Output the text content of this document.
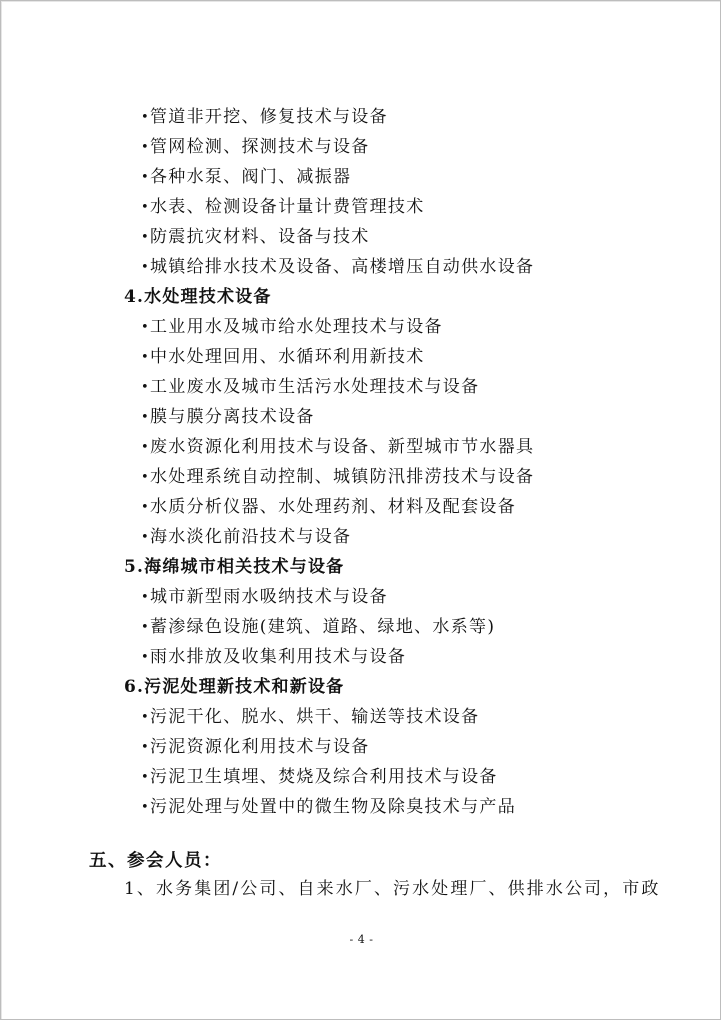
•管道非开挖、修复技术与设备
•管网检测、探测技术与设备
•各种水泵、阀门、减振器
•水表、检测设备计量计费管理技术
•防震抗灾材料、设备与技术
•城镇给排水技术及设备、高楼增压自动供水设备
4.水处理技术设备
•工业用水及城市给水处理技术与设备
•中水处理回用、水循环利用新技术
•工业废水及城市生活污水处理技术与设备
•膜与膜分离技术设备
•废水资源化利用技术与设备、新型城市节水器具
•水处理系统自动控制、城镇防汛排涝技术与设备
•水质分析仪器、水处理药剂、材料及配套设备
•海水淡化前沿技术与设备
5.海绵城市相关技术与设备
•城市新型雨水吸纳技术与设备
•蓄渗绿色设施(建筑、道路、绿地、水系等)
•雨水排放及收集利用技术与设备
6.污泥处理新技术和新设备
•污泥干化、脱水、烘干、输送等技术设备
•污泥资源化利用技术与设备
•污泥卫生填埋、焚烧及综合利用技术与设备
•污泥处理与处置中的微生物及除臭技术与产品
五、参会人员：
1、水务集团/公司、自来水厂、污水处理厂、供排水公司，市政
- 4 -
